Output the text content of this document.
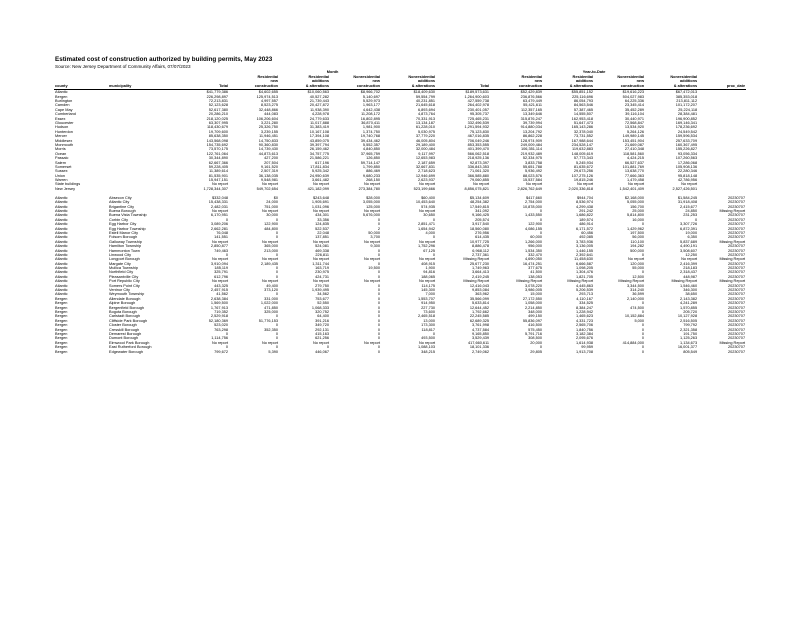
Estimated cost of construction authorized by building permits, May 2023
Source: New Jersey Department of Community Affairs, 07/07/2023
			Month					Year-to-Date				
			Residential	Residential	Nonresidential	Nonresidential		Residential	Residential	Nonresidential	Nonresidential	
			new	additions	new	additions		new	additions	new	additions	
county	municipality	Total	construction	& alterations	construction	& alterations	Total	construction	& alterations	construction	& alterations	proc_date
Atlantic		$41,779,386	$4,602,655	$10,060,563	$8,966,702	$18,409,630	$189,573,631	$52,429,839	$55,851,152	$19,616,223	$67,472,013	
Bergen		226,298,897	125,974,513	40,527,282	5,140,697	59,554,799	1,264,900,603	236,876,566	225,116,696	504,027,983	385,353,018	
Burlington		72,213,831	4,997,557	21,739,443	5,529,973	40,231,851	427,559,738	63,479,449	86,054,793	64,225,336	213,811,112	
Camden		52,123,628	8,523,275	20,427,872	1,963,177	21,645,618	264,402,978	55,421,611	84,563,546	23,345,414	101,172,207	
Cape May		52,617,380	32,448,866	11,938,390	4,642,438	6,893,694	230,401,057	112,357,165	57,387,465	35,452,289	25,224,118	
Cumberland		20,286,210	444,083	4,228,978	11,208,172	4,873,764	95,305,737	13,349,646	14,555,507	39,116,104	28,384,481	
Essex		218,120,025	106,206,604	24,779,633	16,802,895	70,331,913	725,465,231	315,876,247	162,953,418	30,440,971	196,900,852	
Gloucester		63,307,995	3,221,280	11,017,888	36,870,411	13,134,187	332,496,539	39,739,994	51,647,473	72,568,847	169,146,341	
Hudson		118,430,679	25,326,750	31,383,419	1,981,900	61,228,010	1,291,594,932	914,880,034	165,143,286	13,534,920	178,236,692	
Hunterdon		19,709,600	3,239,155	10,167,108	1,374,750	5,030,975	75,123,830	13,204,792	32,378,040	5,264,126	24,549,542	
Mercer		85,638,350	11,946,451	17,394,108	19,740,768	37,779,220	467,016,835	86,862,228	73,731,552	149,989,145	159,596,534	
Middlesex		143,568,098	14,750,833	43,859,075	39,434,462	46,005,804	706,049,246	128,974,909	167,988,644	153,451,904	257,633,709	
Monmouth		154,735,692	90,360,830	39,397,794	5,552,357	29,189,400	853,353,555	249,009,484	234,528,147	21,669,087	160,367,495	
Morris		73,570,175	14,739,430	26,159,462	4,840,850	32,000,484	401,399,470	106,351,114	119,632,883	27,410,348	155,226,827	
Ocean		122,761,064	44,873,613	34,757,775	37,965,759	9,117,997	566,062,518	219,932,489	148,005,619	118,581,560	93,056,334	
Passaic		30,344,890	427,200	21,586,221	126,850	12,653,983	218,925,136	52,334,975	57,773,343	4,424,215	107,260,563	
Salem		62,667,366	207,504	617,196	59,714,147	2,187,659	92,873,397	3,833,758	5,245,934	66,527,637	17,286,068	
Somerset		59,228,405	9,161,520	17,811,834	1,799,850	32,667,831	336,843,353	55,651,788	81,635,672	101,881,769	105,908,136	
Sussex		11,389,614	2,507,319	5,925,342	886,469	2,718,623	71,061,320	5,936,492	29,673,256	13,638,770	22,280,346	
Union		81,535,901	36,138,035	24,950,639	9,680,233	12,946,699	366,585,880	88,023,576	107,275,126	77,666,363	95,818,148	
Warren		15,947,151	9,548,981	3,661,482	268,150	2,623,937	79,060,855	15,537,584	19,815,246	1,479,458	42,786,956	
State buildings		No report	No report	No report	No report	No report	No report	No report	No report	No report	No report	
New Jersey		1,728,344,307	549,702,654	421,182,099	273,384,780	523,199,666	8,856,075,821	2,826,762,649	2,020,336,818	1,542,401,409	2,527,426,501	

Atlantic	Absecon City	$332,048	$0	$243,648	$28,000	$60,400	$5,134,609	$417,660	$944,704	$2,168,000	$1,584,245	20230707
Atlantic	Atlantic City	15,438,331	24,000	1,905,691	3,055,000	10,453,640	48,254,382	2,754,000	8,536,974	5,055,000	31,918,408	20230707
Atlantic	Brigantine City	2,482,031	751,000	1,031,096	125,000	574,935	17,549,815	10,878,000	4,299,438	156,700	2,415,677	20230707
Atlantic	Buena Borough	No report	No report	No report	No report	No report	341,092	0	291,242	25,000	24,850	Missing Report
Atlantic	Buena Vista Township	6,170,951	30,000	434,301	5,676,000	30,650	9,166,425	1,433,550	1,686,822	5,814,800	231,253	20230707
Atlantic	Corbin City	0	0	33,356	0	0	205,574	0	189,574	16,000	0	20230707
Atlantic	Egg Harbor City	3,089,206	122,900	124,835	0	2,851,471	3,917,540	122,900	486,914	0	3,307,726	20230707
Atlantic	Egg Harbor Township	2,662,281	484,800	522,537	2	1,654,942	18,560,080	4,086,155	6,171,572	1,429,962	6,872,391	20230707
Atlantic	Estell Manor City	76,048	0	22,048	50,000	4,000	276,956	0	60,456	197,500	19,000	20230707
Atlantic	Folsom Borough	141,551	0	137,851	3,700	0	614,435	60,000	492,085	56,000	6,350	20230707
Atlantic	Galloway Township	No report	No report	No report	No report	No report	10,977,725	1,266,000	3,783,936	110,100	5,837,689	Missing Report
Atlantic	Hamilton Township	2,850,877	365,000	524,081	9,300	1,752,296	8,886,478	956,000	3,136,005	194,282	4,490,191	20230707
Atlantic	Hammonton Town	749,463	213,000	469,338	0	67,125	6,968,112	1,534,350	1,446,155	500,000	3,508,607	20230707
Atlantic	Linwood City	0	0	226,811	0	0	2,737,361	332,470	2,392,641	0	12,250	20230707
Atlantic	Longport Borough	No report	No report	No report	No report	No report	Missing Report	4,690,050	11,458,630	No report	No report	Missing Report
Atlantic	Margate City	3,910,094	2,189,435	1,311,744	0	408,915	25,677,230	16,474,251	6,666,587	120,000	2,416,399	20230707
Atlantic	Mullica Township	185,119	0	163,719	19,500	1,900	1,749,963	377,675	1,098,205	55,000	218,183	20230707
Atlantic	Northfield City	325,791	0	230,975	0	94,816	3,664,413	41,500	1,304,476	0	2,318,437	20230707
Atlantic	Pleasantville City	612,796	0	424,731	0	188,065	2,419,245	138,053	1,821,705	12,500	448,987	20230707
Atlantic	Port Republic City	No report	No report	No report	No report	No report	Missing Report	Missing Report	Missing Report	Missing Report	Missing Report	Missing Report
Atlantic	Somers Point City	443,325	49,400	279,750	0	114,175	12,416,043	3,078,220	4,445,863	3,344,500	1,546,460	20230707
Atlantic	Ventnor City	2,457,915	373,120	1,939,495	0	145,300	9,853,084	3,986,005	5,206,539	314,240	346,300	20230707
Atlantic	Weymouth Township	41,562	0	34,562	0	7,000	363,962	15,000	293,713	36,599	38,650	20230707
Bergen	Allendale Borough	2,638,384	331,000	753,677	0	1,553,707	35,566,099	27,172,550	4,110,167	2,140,000	2,143,382	20230707
Bergen	Alpine Borough	1,569,500	1,022,000	52,550	0	914,950	5,633,814	1,058,000	334,525	0	4,241,289	20230707
Bergen	Bergenfield Borough	1,767,913	471,850	1,068,333	0	227,730	12,644,452	2,214,850	8,384,247	474,500	1,570,855	20230707
Bergen	Bogota Borough	719,352	325,000	320,752	0	73,600	1,792,662	348,000	1,228,942	0	205,720	20230707
Bergen	Carlstadt Borough	2,529,918	0	64,400	0	2,465,518	22,245,585	499,150	1,465,623	10,152,884	10,127,928	20230707
Bergen	Cliffside Park Borough	52,180,369	51,776,153	391,216	0	13,000	62,689,325	55,836,097	4,331,723	5,000	2,516,505	20230707
Bergen	Closter Borough	523,020	0	349,720	0	173,300	3,761,998	416,500	2,565,706	0	799,792	20230707
Bergen	Cresskill Borough	763,298	352,350	292,131	0	118,817	4,737,584	575,450	1,840,756	0	2,321,358	20230707
Bergen	Demarest Borough	0	0	415,163	0	0	9,165,850	5,791,716	3,182,384	0	191,750	20230707
Bergen	Dumont Borough	1,114,756	0	621,256	0	493,500	3,529,439	308,500	2,095,676	0	1,125,263	20230707
Bergen	Elmwood Park Borough	No report	No report	No report	No report	No report	417,660,611	20,000	1,614,938	414,884,000	1,134,673	Missing Report
Bergen	East Rutherford Borough	0	0	0	0	1,088,103	18,101,336	0	99,959	0	16,001,377	20230707
Bergen	Edgewater Borough	799,672	5,390	446,067	0	348,215	2,749,062	29,805	1,913,708	0	805,549	20230707
